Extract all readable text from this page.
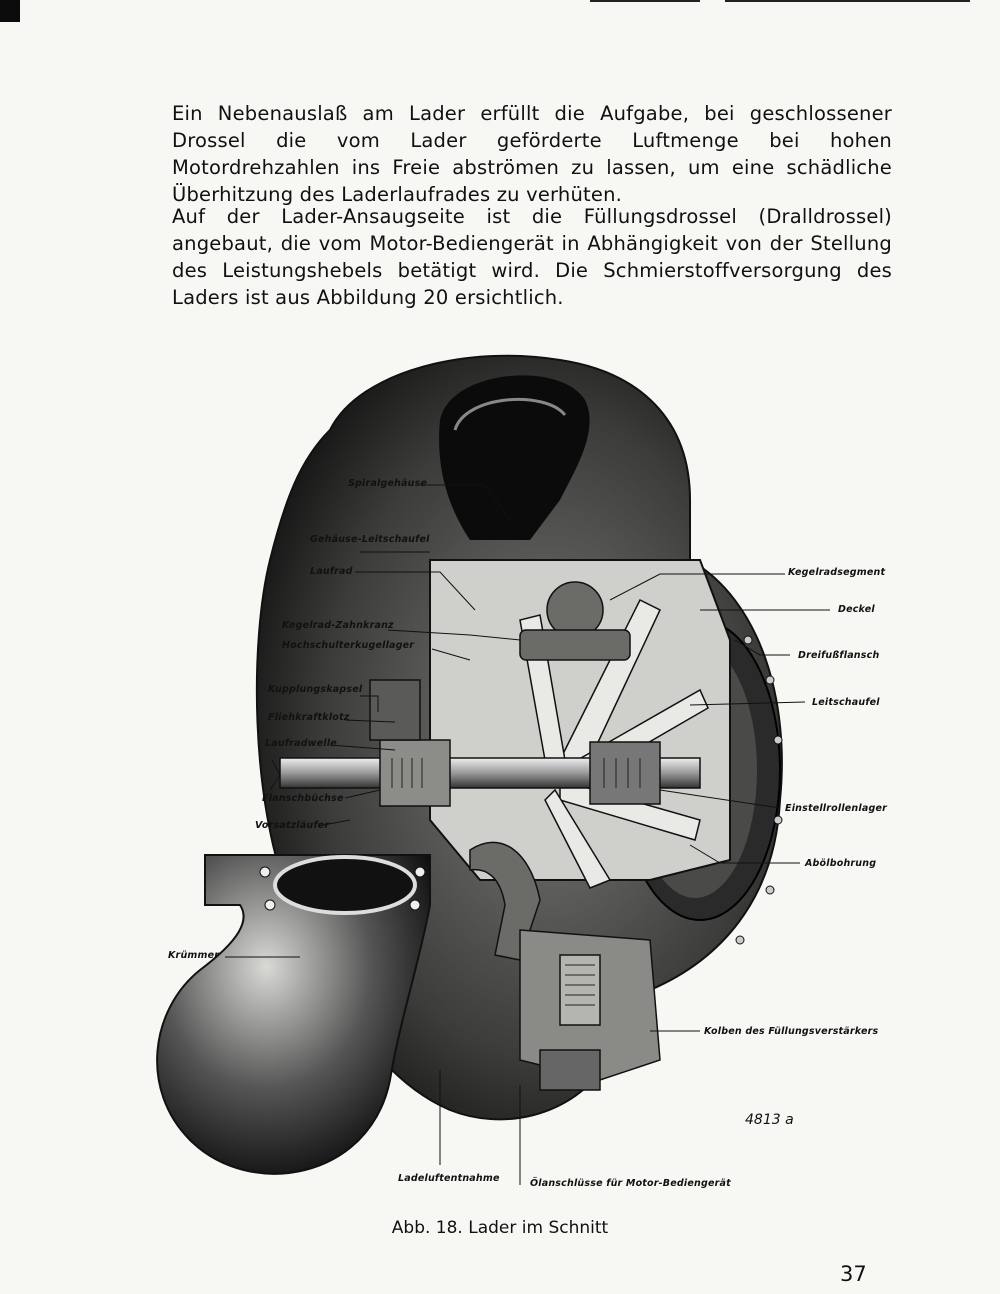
Ein Nebenauslaß am Lader erfüllt die Aufgabe, bei geschlossener Drossel die vom Lader geförderte Luftmenge bei hohen Motordrehzahlen ins Freie abströmen zu lassen, um eine schädliche Überhitzung des Laderlaufrades zu verhüten.

Auf der Lader-Ansaugseite ist die Füllungsdrossel (Dralldrossel) angebaut, die vom Motor-Bediengerät in Abhängigkeit von der Stellung des Leistungshebels betätigt wird. Die Schmierstoffversorgung des Laders ist aus Abbildung 20 ersichtlich.

Spiralgehäuse
Gehäuse-Leitschaufel
Laufrad
Kegelrad-Zahnkranz
Hochschulterkugellager
Kupplungskapsel
Fliehkraftklotz
Laufradwelle
Flanschbüchse
Vorsatzläufer
Krümmer
Kegelradsegment
Deckel
Dreifußflansch
Leitschaufel
Einstellrollenlager
Abölbohrung
Kolben des Füllungsverstärkers
Ladeluftentnahme	Ölanschlüsse für Motor-Bediengerät
4813 a

Abb. 18. Lader im Schnitt

37
